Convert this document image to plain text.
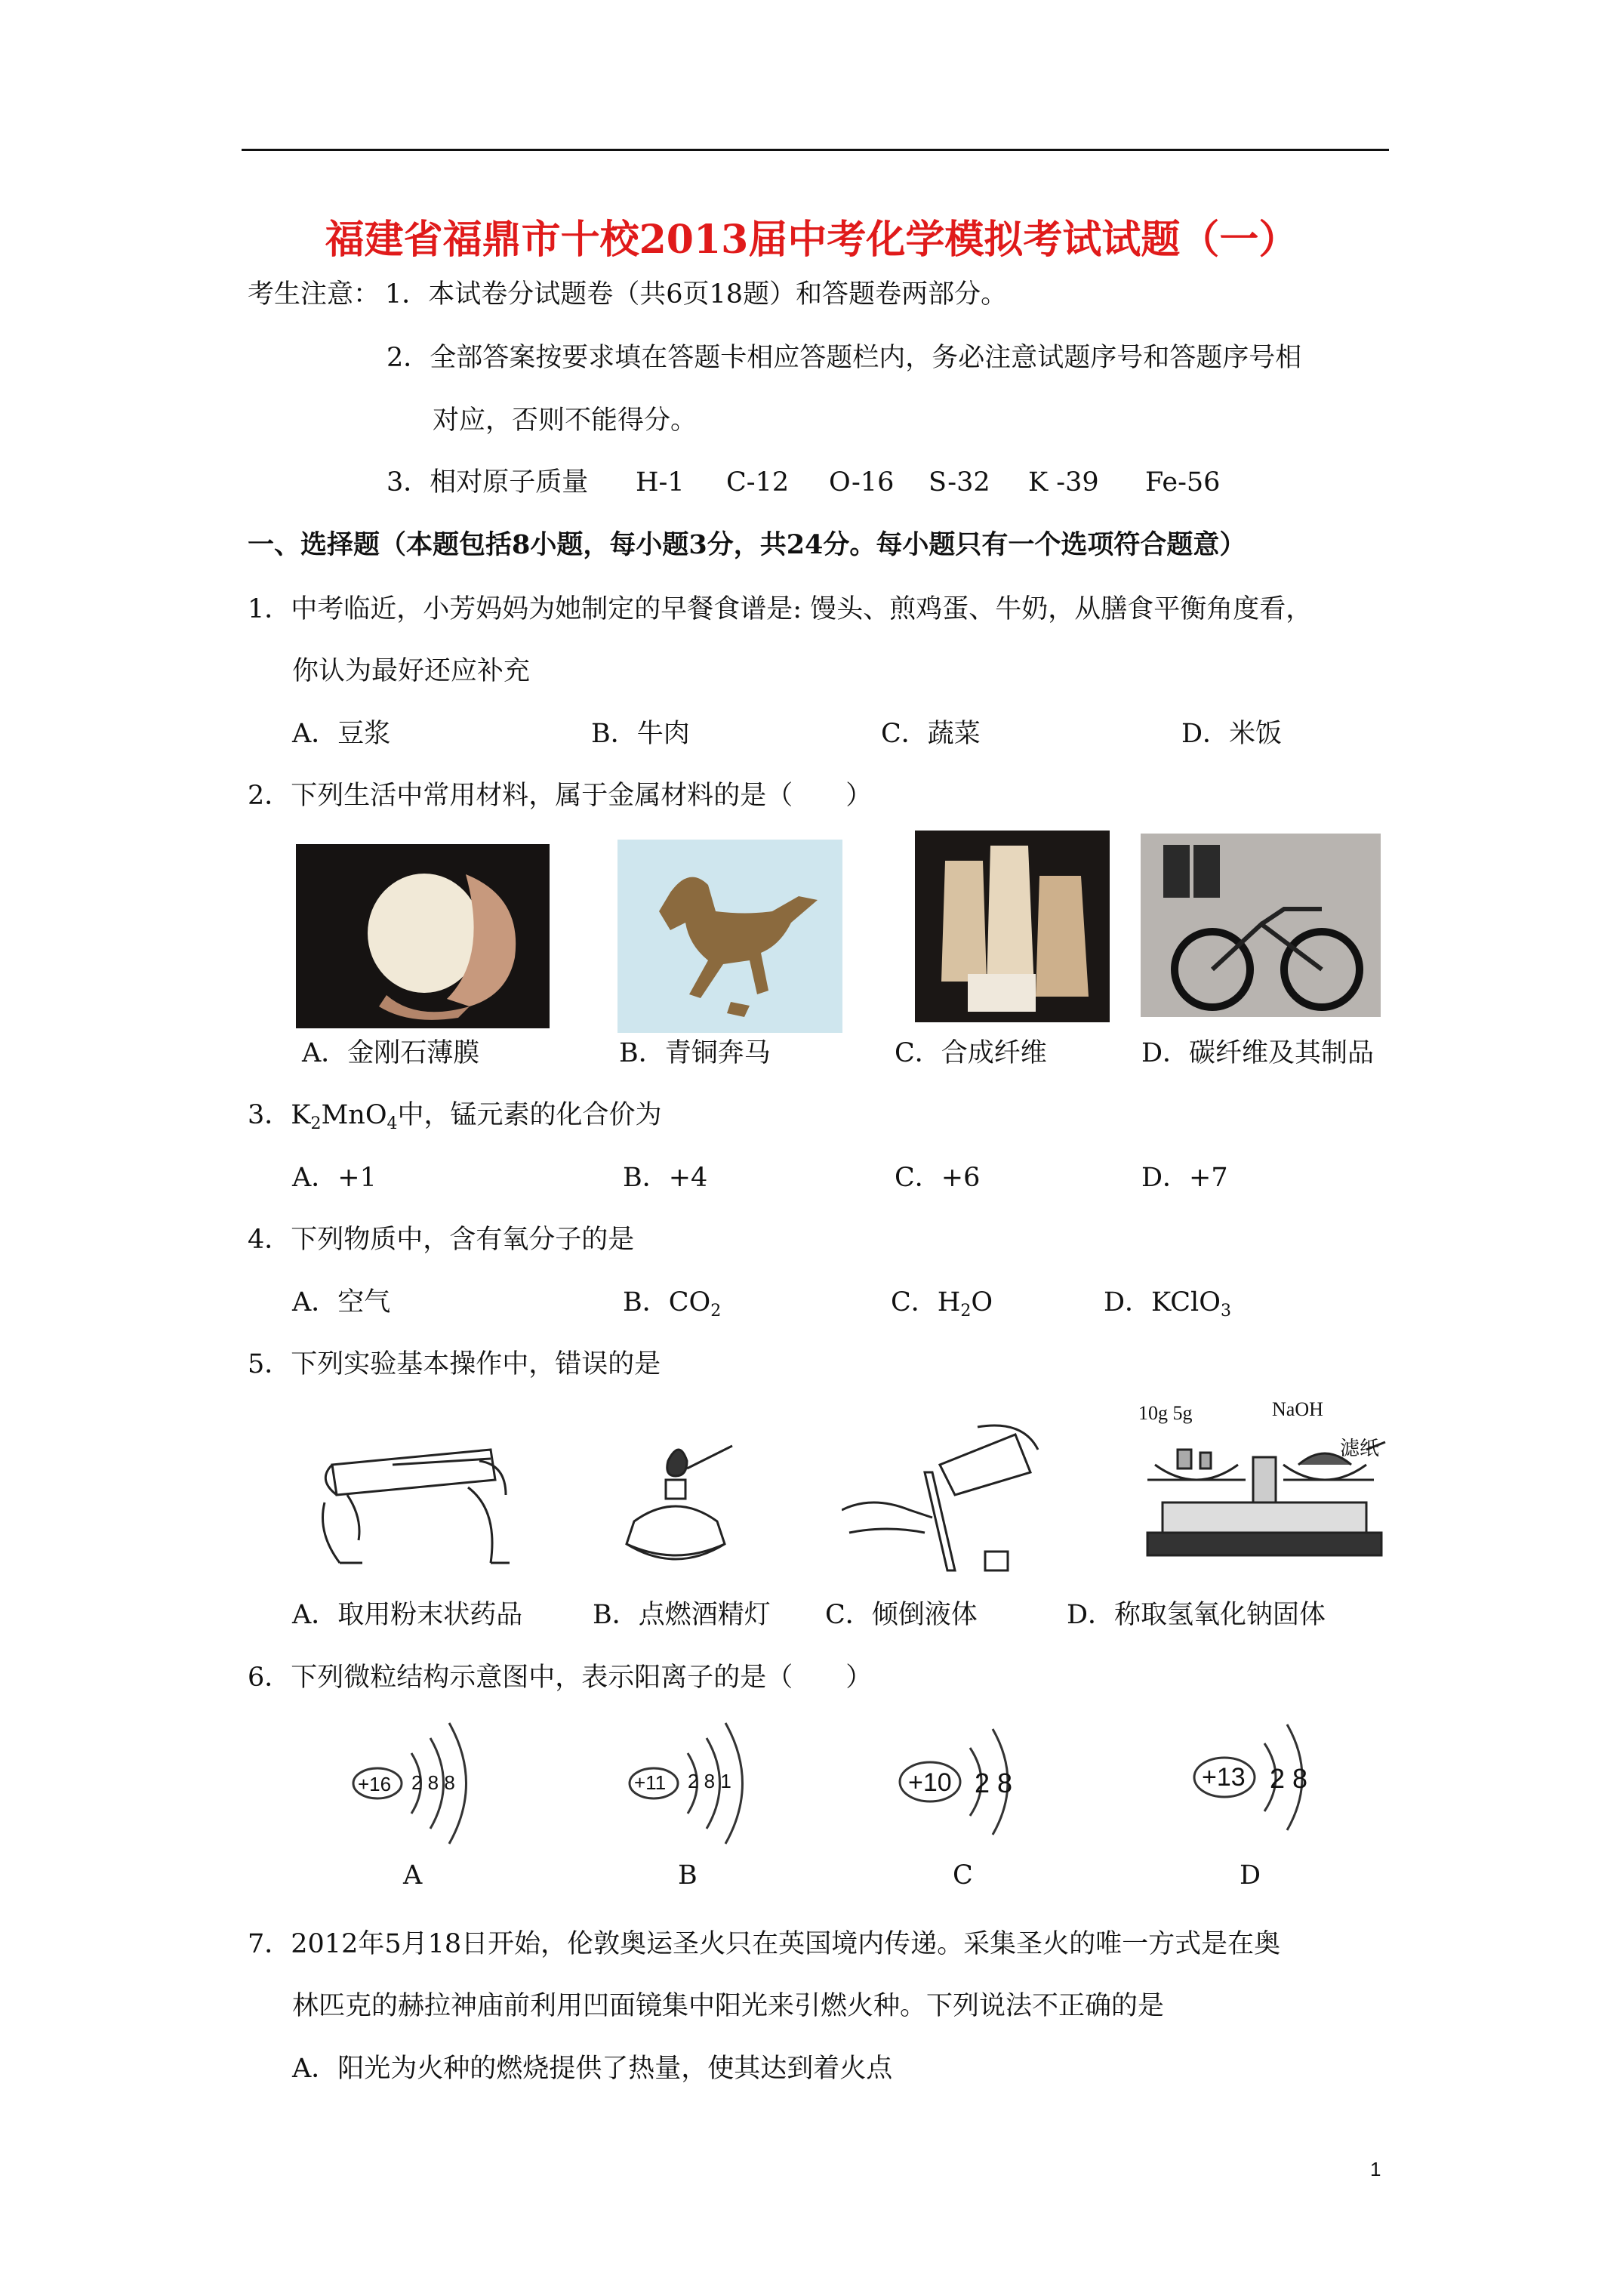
福建省福鼎市十校2013届中考化学模拟考试试题（一）
考生注意： 1．本试卷分试题卷（共6页18题）和答题卷两部分。
2．全部答案按要求填在答题卡相应答题栏内，务必注意试题序号和答题序号相
对应，否则不能得分。
3．相对原子质量 H-1 C-12 O-16 S-32 K -39 Fe-56
一、选择题（本题包括8小题，每小题3分，共24分。每小题只有一个选项符合题意）
1．中考临近，小芳妈妈为她制定的早餐食谱是: 馒头、煎鸡蛋、牛奶，从膳食平衡角度看，
你认为最好还应补充
A．豆浆	B．牛肉	C．蔬菜	D．米饭
2．下列生活中常用材料，属于金属材料的是（　　）
A．金刚石薄膜	B．青铜奔马	C．合成纤维	D．碳纤维及其制品
3．$K_2MnO_4$中，锰元素的化合价为
A．+1	B．+4	C．+6	D．+7
4．下列物质中，含有氧分子的是
A．空气	B．$CO_2$	C．$H_2O$	D．KClO$_3$
5．下列实验基本操作中，错误的是
10g 5g	NaOH
滤纸
A．取用粉末状药品	B．点燃酒精灯 C．倾倒液体	D．称取氢氧化钠固体
6．下列微粒结构示意图中，表示阳离子的是（　　）
+16 2 8 8
A
+11 2 8 1
B
+10 2 8
C
+13 2 8
D
7．2012年5月18日开始，伦敦奥运圣火只在英国境内传递。采集圣火的唯一方式是在奥
林匹克的赫拉神庙前利用凹面镜集中阳光来引燃火种。下列说法不正确的是
A．阳光为火种的燃烧提供了热量，使其达到着火点
1
